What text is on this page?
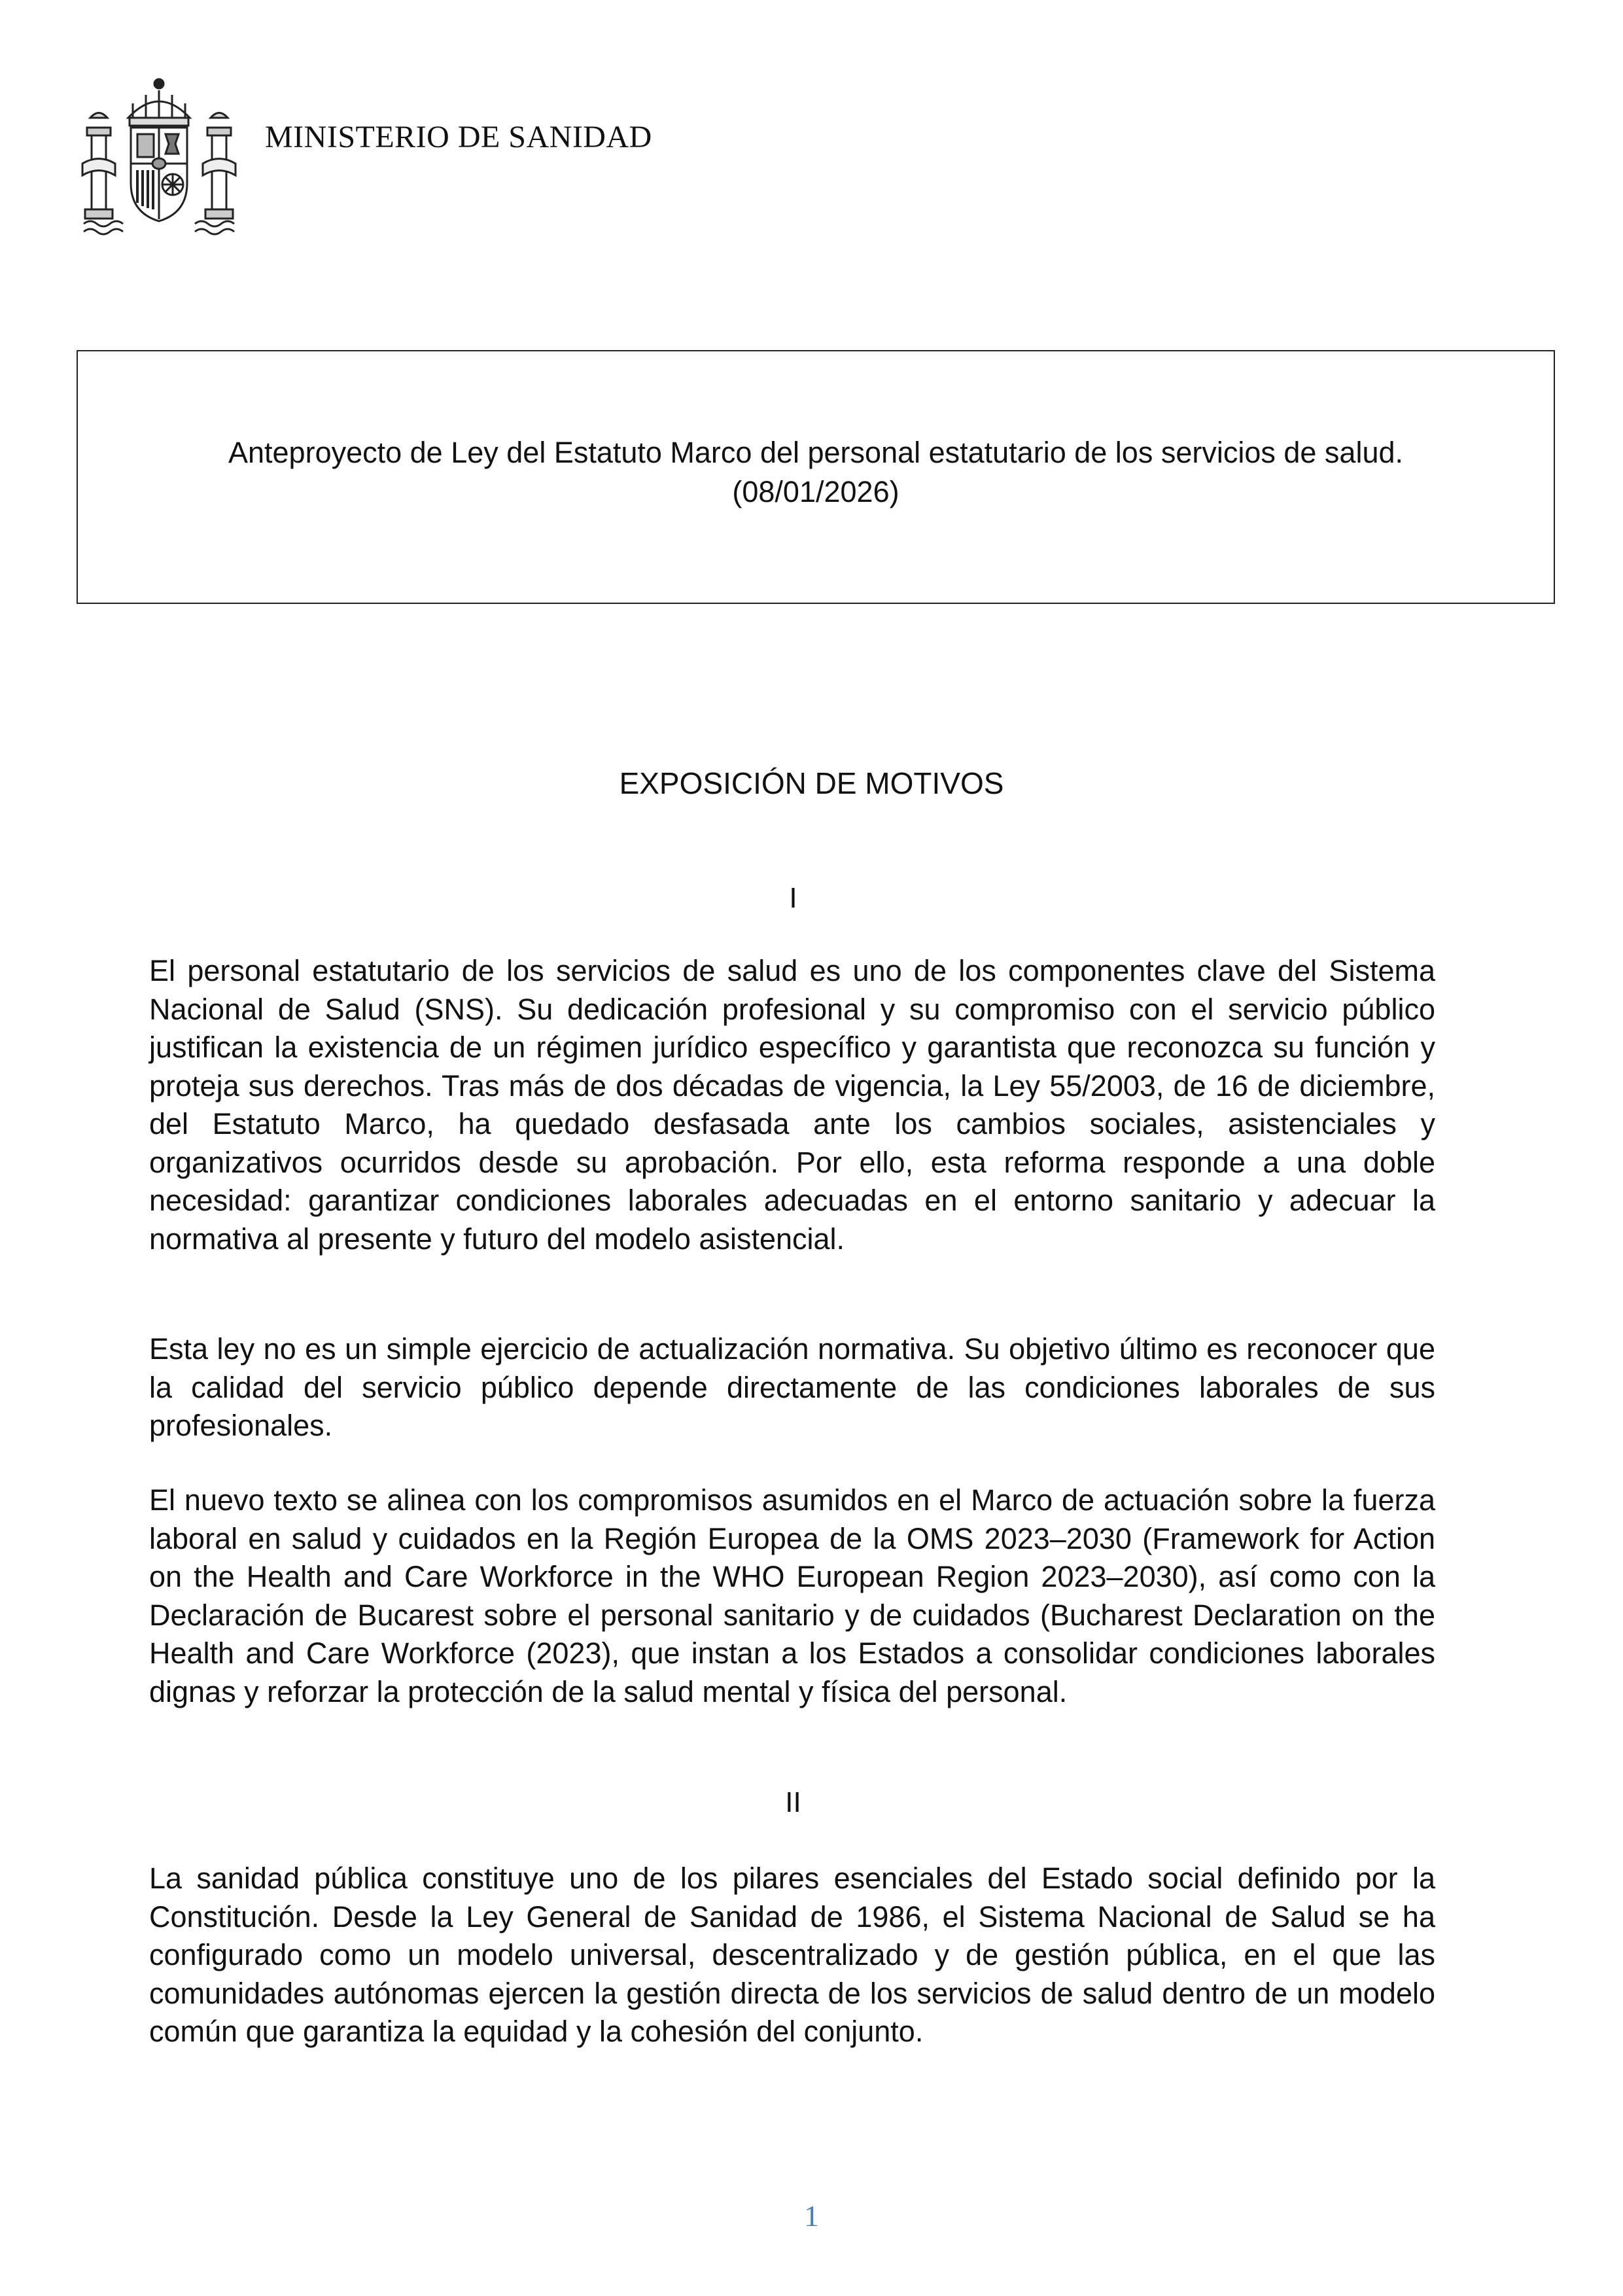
MINISTERIO DE SANIDAD
Anteproyecto de Ley del Estatuto Marco del personal estatutario de los servicios de salud.
(08/01/2026)
EXPOSICIÓN DE MOTIVOS
I

El personal estatutario de los servicios de salud es uno de los componentes clave del Sistema Nacional de Salud (SNS). Su dedicación profesional y su compromiso con el servicio público justifican la existencia de un régimen jurídico específico y garantista que reconozca su función y proteja sus derechos. Tras más de dos décadas de vigencia, la Ley 55/2003, de 16 de diciembre, del Estatuto Marco, ha quedado desfasada ante los cambios sociales, asistenciales y organizativos ocurridos desde su aprobación. Por ello, esta reforma responde a una doble necesidad: garantizar condiciones laborales adecuadas en el entorno sanitario y adecuar la normativa al presente y futuro del modelo asistencial.

Esta ley no es un simple ejercicio de actualización normativa. Su objetivo último es reconocer que la calidad del servicio público depende directamente de las condiciones laborales de sus profesionales.

El nuevo texto se alinea con los compromisos asumidos en el Marco de actuación sobre la fuerza laboral en salud y cuidados en la Región Europea de la OMS 2023–2030 (Framework for Action on the Health and Care Workforce in the WHO European Region 2023–2030), así como con la Declaración de Bucarest sobre el personal sanitario y de cuidados (Bucharest Declaration on the Health and Care Workforce (2023), que instan a los Estados a consolidar condiciones laborales dignas y reforzar la protección de la salud mental y física del personal.

II

La sanidad pública constituye uno de los pilares esenciales del Estado social definido por la Constitución. Desde la Ley General de Sanidad de 1986, el Sistema Nacional de Salud se ha configurado como un modelo universal, descentralizado y de gestión pública, en el que las comunidades autónomas ejercen la gestión directa de los servicios de salud dentro de un modelo común que garantiza la equidad y la cohesión del conjunto.

1
